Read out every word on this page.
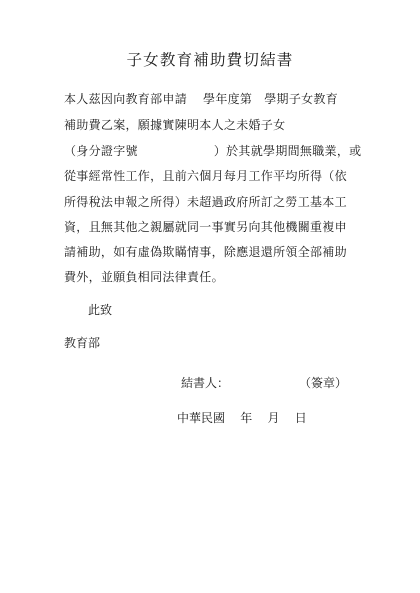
子女教育補助費切結書
本人茲因向教育部申請 學年度第 學期子女教育
補助費乙案，願據實陳明本人之未婚子女
（身分證字號	）於其就學期間無職業，或
從事經常性工作，且前六個月每月工作平均所得（依
所得稅法申報之所得）未超過政府所訂之勞工基本工
資，且無其他之親屬就同一事實另向其他機關重複申
請補助，如有虛偽欺瞞情事，除應退還所領全部補助
費外，並願負相同法律責任。
此致
教育部
結書人：	（簽章）
中華民國    年    月    日
